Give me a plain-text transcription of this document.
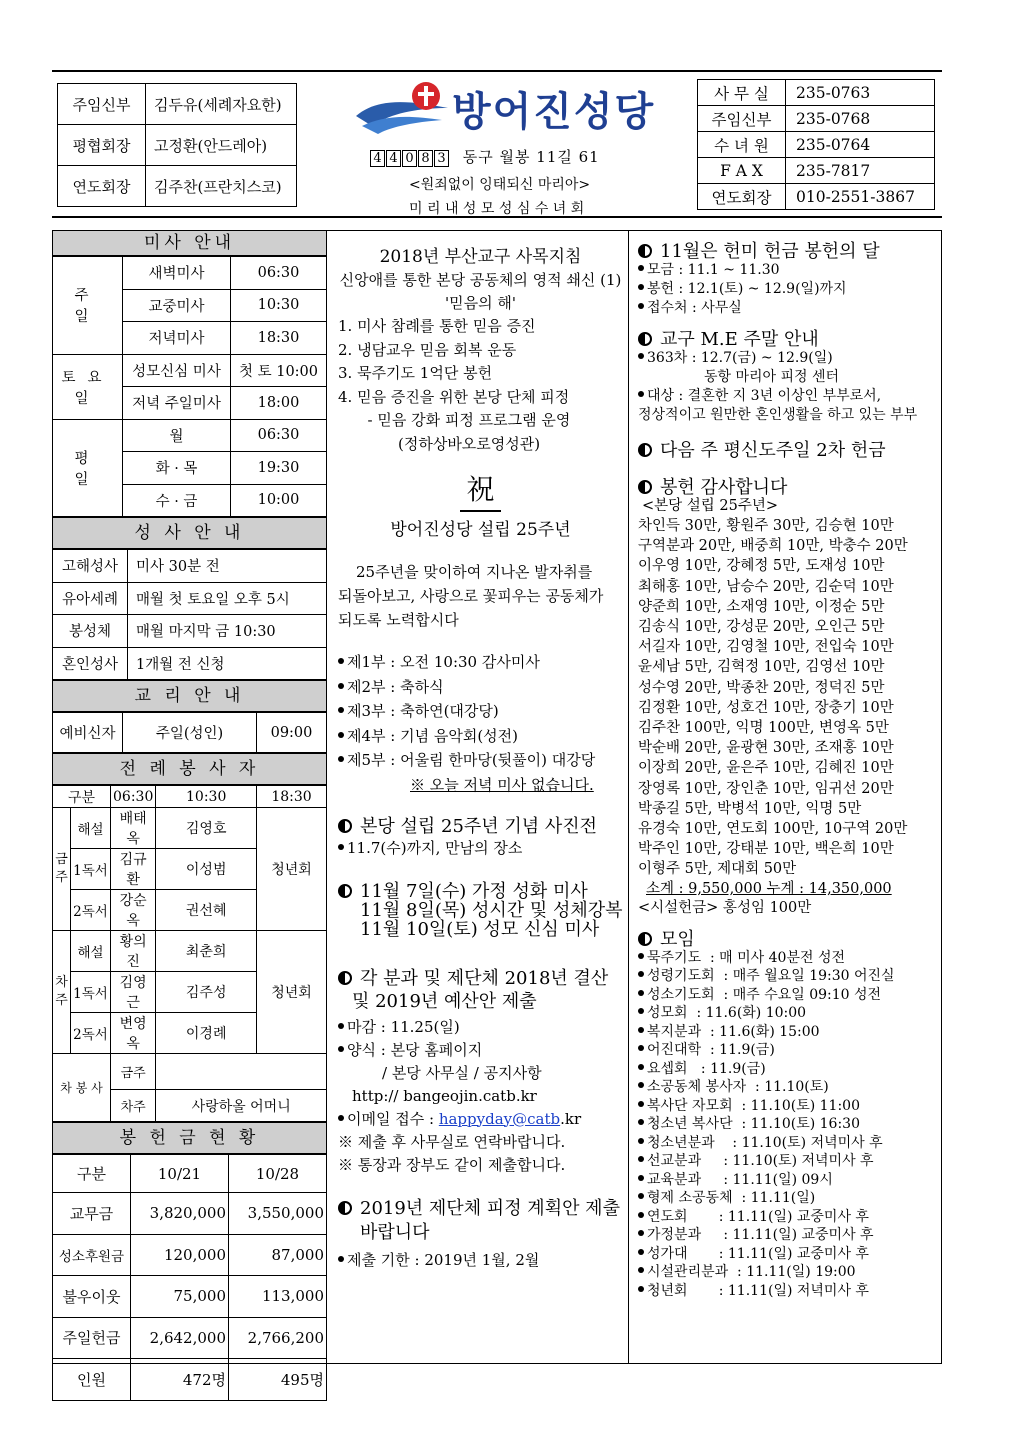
주임신부	김두유(세례자요한)
평협회장	고정환(안드레아)
연도회장	김주찬(프란치스코)
방어진성당
4 4 0 8 3 동구 월봉 11길 61
<원죄없이 잉태되신 마리아>
미 리 내 성 모 성 심 수 녀 회
사 무 실	235-0763
주임신부	235-0768
수 녀 원	235-0764
F A X	235-7817
연도회장	010-2551-3867
미사 안내
주 일	새벽미사	06:30
	교중미사	10:30
	저녁미사	18:30
토요일	성모신심 미사	첫 토 10:00
	저녁 주일미사	18:00
평 일	월	06:30
	화 · 목	19:30
	수 · 금	10:00
성 사 안 내
고해성사	미사 30분 전
유아세례	매월 첫 토요일 오후 5시
봉성체	매월 마지막 금 10:30
혼인성사	1개월 전 신청
교 리 안 내
예비신자	주일(성인)	09:00
전 례 봉 사 자
구분		06:30	10:30	18:30
금주	해설	배태옥	김영호	청년회
	1독서	김규환	이성범	
	2독서	강순옥	권선혜	
차주	해설	황의진	최춘희	청년회
	1독서	김영근	김주성	
	2독서	변영옥	이경례	
차 봉 사		금주		
		차주	사랑하올 어머니	
봉 헌 금 현 황
구분	10/21	10/28
교무금	3,820,000	3,550,000
성소후원금	120,000	87,000
불우이웃	75,000	113,000
주일헌금	2,642,000	2,766,200
인원	472명	495명

2018년 부산교구 사목지침

신앙애를 통한 본당 공동체의 영적 쇄신 (1)

'믿음의 해'

1. 미사 참례를 통한 믿음 증진

2. 냉담교우 믿음 회복 운동

3. 묵주기도 1억단 봉헌

4. 믿음 증진을 위한 본당 단체 피정

- 믿음 강화 피정 프로그램 운영

(정하상바오로영성관)

祝

방어진성당 설립 25주년

25주년을 맞이하여 지나온 발자취를

되돌아보고, 사랑으로 꽃피우는 공동체가

되도록 노력합시다

제1부 : 오전 10:30 감사미사

제2부 : 축하식

제3부 : 축하연(대강당)

제4부 : 기념 음악회(성전)

제5부 : 어울림 한마당(뒷풀이) 대강당

※ 오늘 저녁 미사 없습니다.

본당 설립 25주년 기념 사진전

11.7(수)까지, 만남의 장소

11월 7일(수) 가정 성화 미사

11월 8일(목) 성시간 및 성체강복

11월 10일(토) 성모 신심 미사

각 분과 및 제단체 2018년 결산

및 2019년 예산안 제출

마감 : 11.25(일)

양식 : 본당 홈페이지

/ 본당 사무실 / 공지사항

http:// bangeojin.catb.kr

이메일 접수 : happyday@catb.kr

※ 제출 후 사무실로 연락바랍니다.

※ 통장과 장부도 같이 제출합니다.

2019년 제단체 피정 계획안 제출

바랍니다

제출 기한 : 2019년 1월, 2월

11월은 헌미 헌금 봉헌의 달

모금 : 11.1 ~ 11.30

봉헌 : 12.1(토) ~ 12.9(일)까지

접수처 : 사무실

교구 M.E 주말 안내

363차 : 12.7(금) ~ 12.9(일)

동항 마리아 피정 센터

대상 : 결혼한 지 3년 이상인 부부로서,

정상적이고 원만한 혼인생활을 하고 있는 부부

다음 주 평신도주일 2차 헌금

봉헌 감사합니다

<본당 설립 25주년>

차인득 30만, 황원주 30만, 김승현 10만

구역분과 20만, 배중희 10만, 박충수 20만

이우영 10만, 강혜정 5만, 도재성 10만

최해홍 10만, 남승수 20만, 김순덕 10만

양준희 10만, 소재영 10만, 이정순 5만

김송식 10만, 강성문 20만, 오인근 5만

서길자 10만, 김영철 10만, 전입숙 10만

윤세남 5만, 김혁정 10만, 김영선 10만

성수영 20만, 박종찬 20만, 정덕진 5만

김정환 10만, 성호건 10만, 장충기 10만

김주찬 100만, 익명 100만, 변영옥 5만

박순배 20만, 윤광현 30만, 조재홍 10만

이장희 20만, 윤은주 10만, 김혜진 10만

장영록 10만, 장인춘 10만, 임귀선 20만

박종길 5만, 박병석 10만, 익명 5만

유경숙 10만, 연도회 100만, 10구역 20만

박주인 10만, 강태분 10만, 백은희 10만

이형주 5만, 제대회 50만

소계 : 9,550,000 누계 : 14,350,000

<시설헌금> 홍성임 100만

모임

묵주기도  : 매 미사 40분전 성전

성령기도회  : 매주 월요일 19:30 어진실

성소기도회  : 매주 수요일 09:10 성전

성모회  : 11.6(화) 10:00

복지분과  : 11.6(화) 15:00

어진대학  : 11.9(금)

요셉회   : 11.9(금)

소공동체 봉사자  : 11.10(토)

복사단 자모회  : 11.10(토) 11:00

청소년 복사단  : 11.10(토) 16:30

청소년분과    : 11.10(토) 저녁미사 후

선교분과     : 11.10(토) 저녁미사 후

교육분과     : 11.11(일) 09시

형제 소공동체  : 11.11(일)

연도회       : 11.11(일) 교중미사 후

가정분과     : 11.11(일) 교중미사 후

성가대       : 11.11(일) 교중미사 후

시설관리분과  : 11.11(일) 19:00

청년회       : 11.11(일) 저녁미사 후
